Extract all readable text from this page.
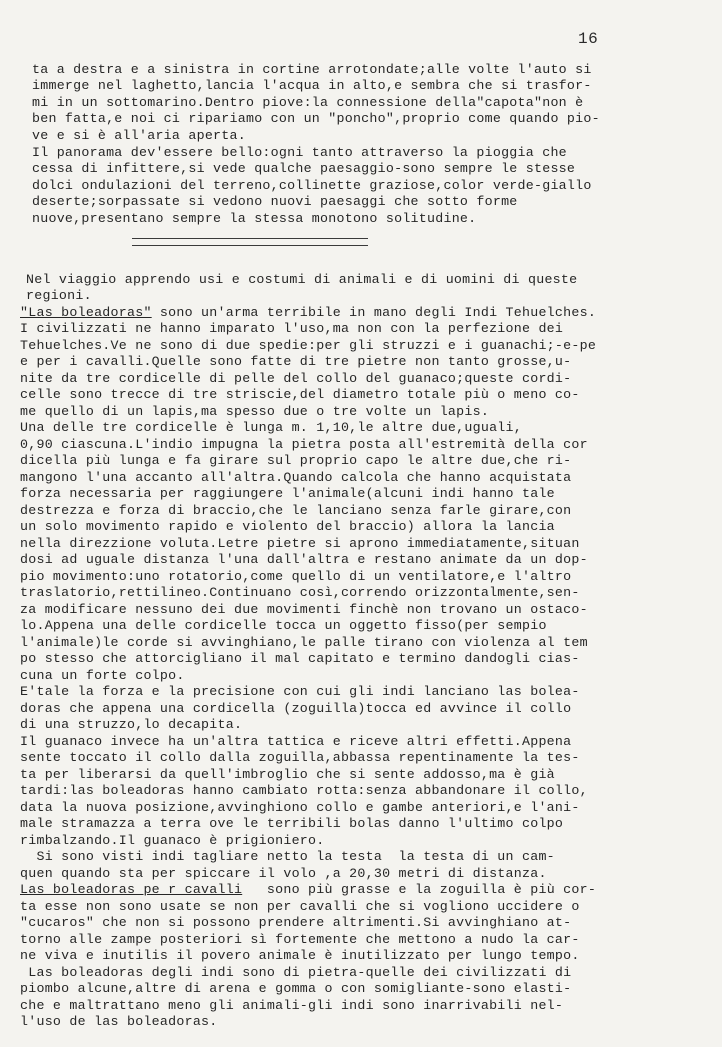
16
ta a destra e a sinistra in cortine arrotondate;alle volte l'auto si
immerge nel laghetto,lancia l'acqua in alto,e sembra che si trasfor-
mi in un sottomarino.Dentro piove:la connessione della"capota"non è
ben fatta,e noi ci ripariamo con un "poncho",proprio come quando pio-
ve e si è all'aria aperta.
Il panorama dev'essere bello:ogni tanto attraverso la pioggia che
cessa di infittere,si vede qualche paesaggio-sono sempre le stesse
dolci ondulazioni del terreno,collinette graziose,color verde-giallo
deserte;sorpassate si vedono nuovi paesaggi che sotto forme
nuove,presentano sempre la stessa monotono solitudine.
Nel viaggio apprendo usi e costumi di animali e di uomini di queste
regioni.
"Las boleadoras" sono un'arma terribile in mano degli Indi Tehuelches.
I civilizzati ne hanno imparato l'uso,ma non con la perfezione dei
Tehuelches.Ve ne sono di due spedie:per gli struzzi e i guanachi;-e-pe
e per i cavalli.Quelle sono fatte di tre pietre non tanto grosse,u-
nite da tre cordicelle di pelle del collo del guanaco;queste cordi-
celle sono trecce di tre striscie,del diametro totale più o meno co-
me quello di un lapis,ma spesso due o tre volte un lapis.
Una delle tre cordicelle è lunga m. 1,10,le altre due,uguali,
0,90 ciascuna.L'indio impugna la pietra posta all'estremità della cor
dicella più lunga e fa girare sul proprio capo le altre due,che ri-
mangono l'una accanto all'altra.Quando calcola che hanno acquistata
forza necessaria per raggiungere l'animale(alcuni indi hanno tale
destrezza e forza di braccio,che le lanciano senza farle girare,con
un solo movimento rapido e violento del braccio) allora la lancia
nella direzzione voluta.Letre pietre si aprono immediatamente,situan
dosi ad uguale distanza l'una dall'altra e restano animate da un dop-
pio movimento:uno rotatorio,come quello di un ventilatore,e l'altro
traslatorio,rettilineo.Continuano così,correndo orizzontalmente,sen-
za modificare nessuno dei due movimenti finchè non trovano un ostaco-
lo.Appena una delle cordicelle tocca un oggetto fisso(per sempio
l'animale)le corde si avvinghiano,le palle tirano con violenza al tem
po stesso che attorcigliano il mal capitato e termino dandogli cias-
cuna un forte colpo.
E'tale la forza e la precisione con cui gli indi lanciano las bolea-
doras che appena una cordicella (zoguilla)tocca ed avvince il collo
di una struzzo,lo decapita.
Il guanaco invece ha un'altra tattica e riceve altri effetti.Appena
sente toccato il collo dalla zoguilla,abbassa repentinamente la tes-
ta per liberarsi da quell'imbroglio che si sente addosso,ma è già
tardi:las boleadoras hanno cambiato rotta:senza abbandonare il collo,
data la nuova posizione,avvinghiono collo e gambe anteriori,e l'ani-
male stramazza a terra ove le terribili bolas danno l'ultimo colpo
rimbalzando.Il guanaco è prigioniero.
Si sono visti indi tagliare netto la testa  la testa di un cam-
quen quando sta per spiccare il volo ,a 20,30 metri di distanza.
Las boleadoras pe r cavalli   sono più grasse e la zoguilla è più cor-
ta esse non sono usate se non per cavalli che si vogliono uccidere o
"cucaros" che non si possono prendere altrimenti.Si avvinghiano at-
torno alle zampe posteriori sì fortemente che mettono a nudo la car-
ne viva e inutilis il povero animale è inutilizzato per lungo tempo.
Las boleadoras degli indi sono di pietra-quelle dei civilizzati di
piombo alcune,altre di arena e gomma o con somigliante-sono elasti-
che e maltrattano meno gli animali-gli indi sono inarrivabili nel-
l'uso de las boleadoras.
